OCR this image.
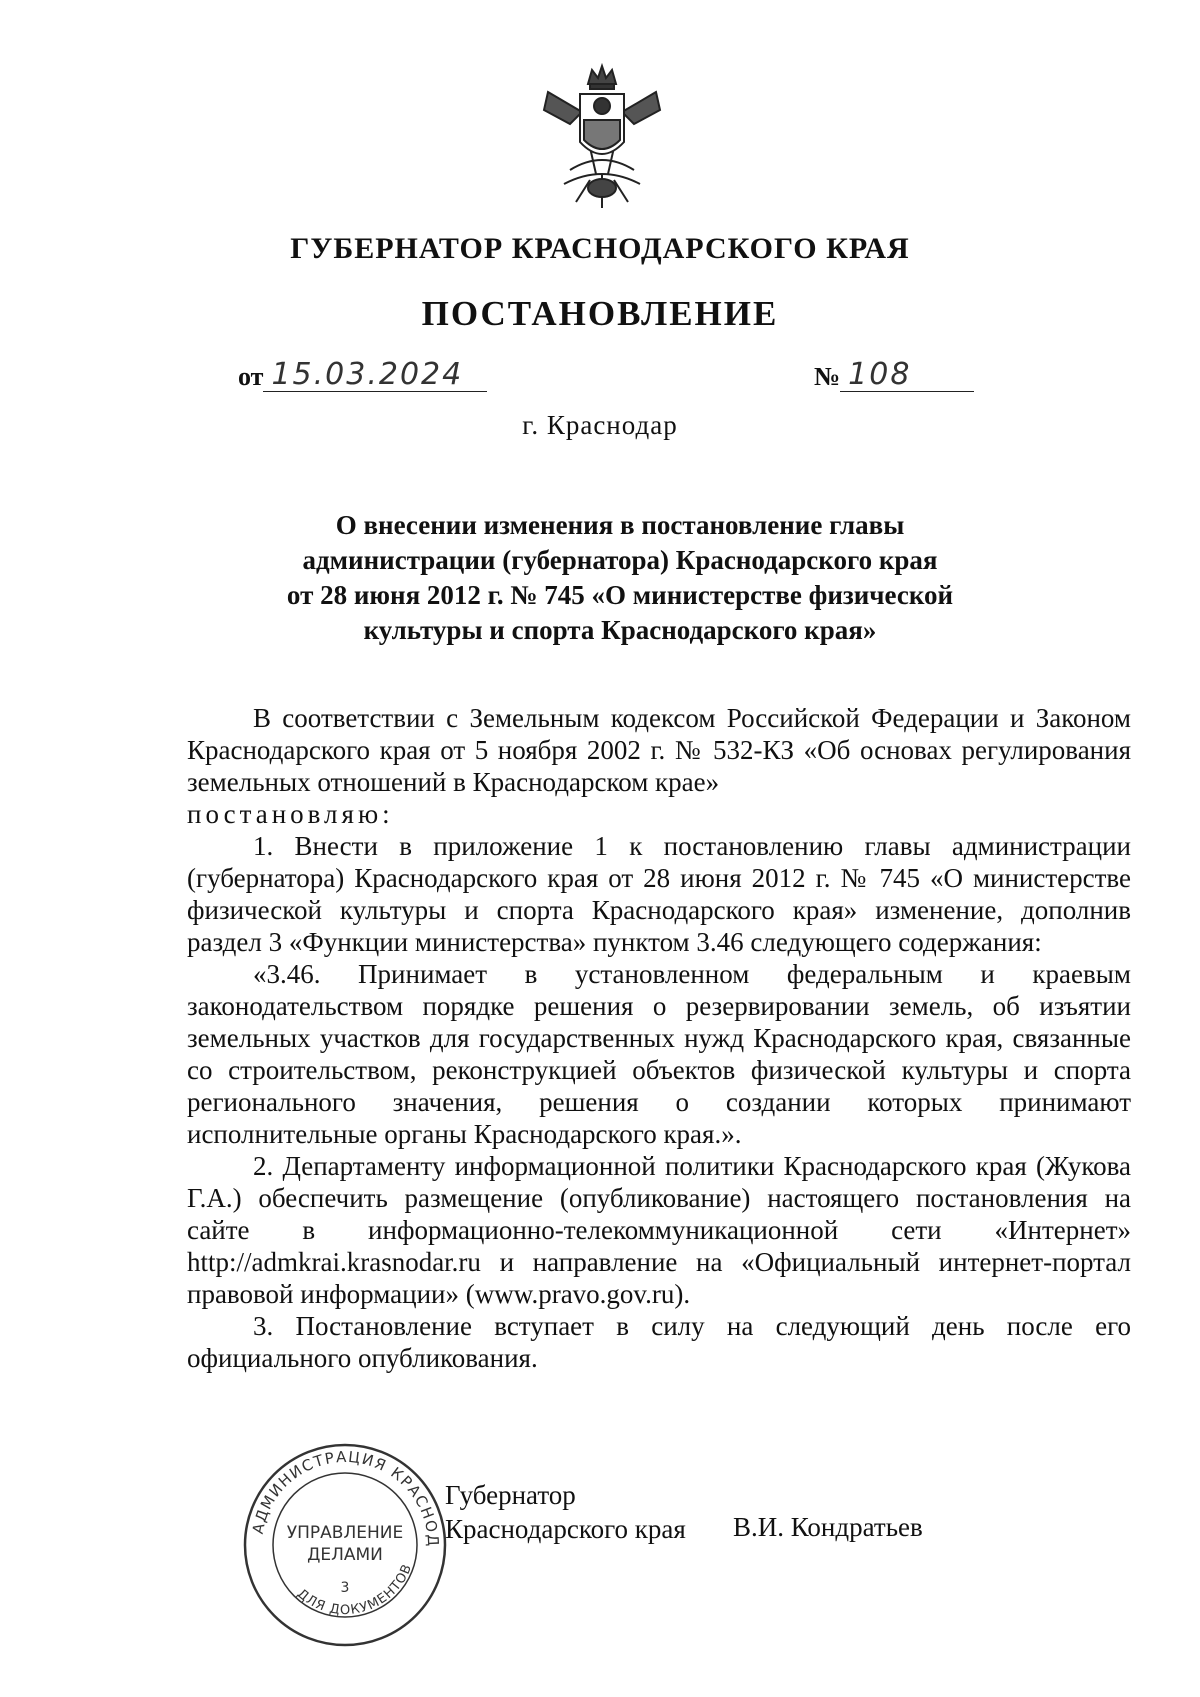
ГУБЕРНАТОР КРАСНОДАРСКОГО КРАЯ
ПОСТАНОВЛЕНИЕ
от 15.03.2024	№ 108
г. Краснодар
О внесении изменения в постановление главы
администрации (губернатора) Краснодарского края
от 28 июня 2012 г. № 745 «О министерстве физической
культуры и спорта Краснодарского края»

В соответствии с Земельным кодексом Российской Федерации и Законом Краснодарского края от 5 ноября 2002 г. № 532-КЗ «Об основах регулирования земельных отношений в Краснодарском крае»

постановляю:

1. Внести в приложение 1 к постановлению главы администрации (губернатора) Краснодарского края от 28 июня 2012 г. № 745 «О министерстве физической культуры и спорта Краснодарского края» изменение, дополнив раздел 3 «Функции министерства» пунктом 3.46 следующего содержания:

«3.46. Принимает в установленном федеральным и краевым законодательством порядке решения о резервировании земель, об изъятии земельных участков для государственных нужд Краснодарского края, связанные со строительством, реконструкцией объектов физической культуры и спорта регионального значения, решения о создании которых принимают исполнительные органы Краснодарского края.».

2. Департаменту информационной политики Краснодарского края (Жукова Г.А.) обеспечить размещение (опубликование) настоящего постановления на сайте в информационно-телекоммуникационной сети «Интернет» http://admkrai.krasnodar.ru и направление на «Официальный интернет-портал правовой информации» (www.pravo.gov.ru).

3. Постановление вступает в силу на следующий день после его официального опубликования.

Губернатор
Краснодарского края В.И. Кондратьев
АДМИНИСТРАЦИЯ КРАСНОД
ДЛЯ ДОКУМЕНТОВ
УПРАВЛЕНИЕ
ДЕЛАМИ
3
